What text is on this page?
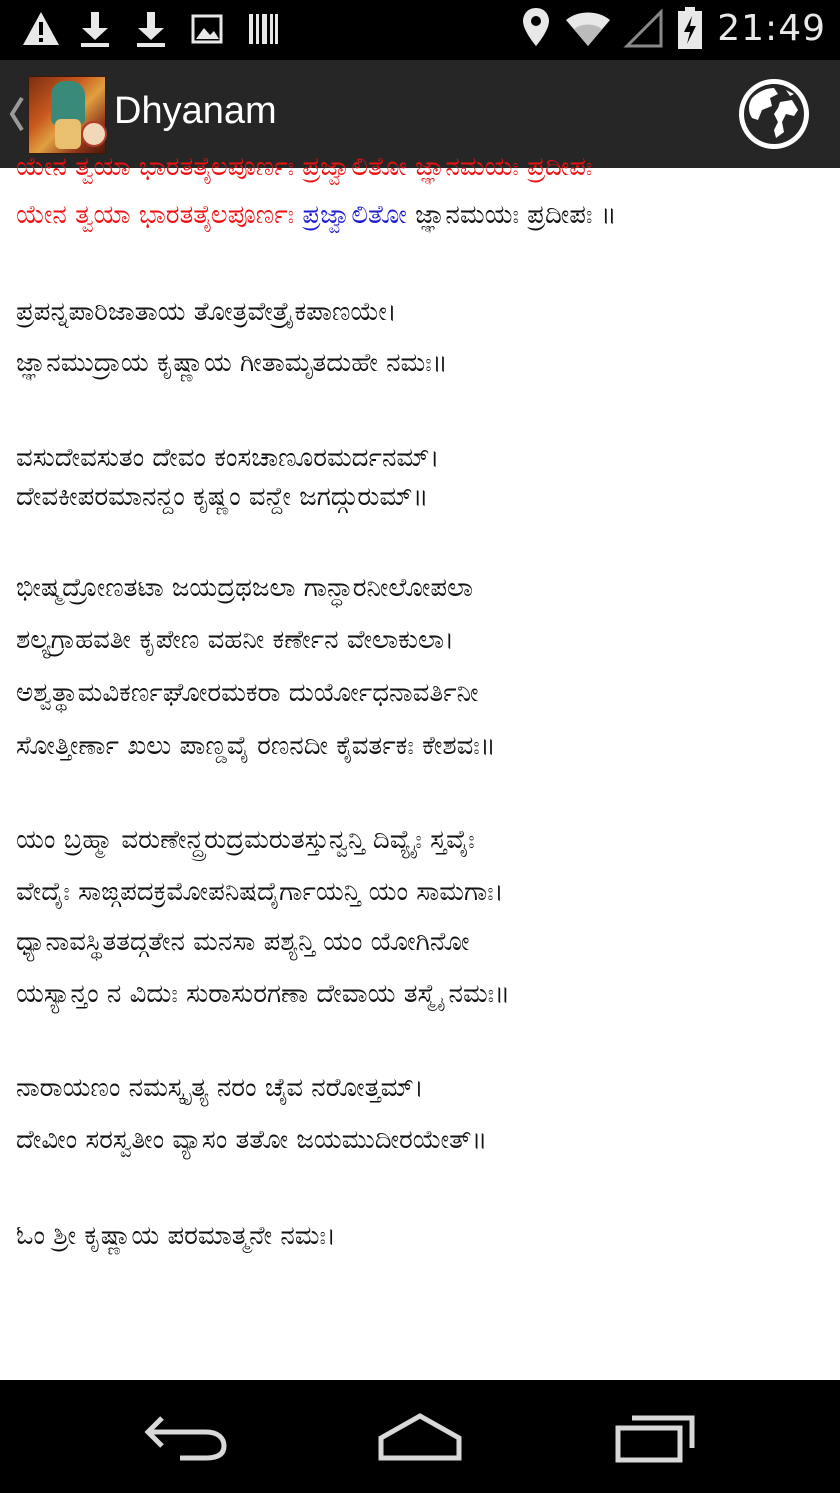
21:49
Dhyanam
ಯೇನ ತ್ವಯಾ ಭಾರತತೈಲಪೂರ್ಣಃ ಪ್ರಜ್ವಾಲಿತೋ ಜ್ಞಾನಮಯಃ ಪ್ರದೀಪಃ
ಯೇನ ತ್ವಯಾ ಭಾರತತೈಲಪೂರ್ಣಃ ಪ್ರಜ್ವಾಲಿತೋ ಜ್ಞಾನಮಯಃ ಪ್ರದೀಪಃ ॥
ಪ್ರಪನ್ನಪಾರಿಜಾತಾಯ ತೋತ್ರವೇತ್ರೈಕಪಾಣಯೇ।
ಜ್ಞಾನಮುದ್ರಾಯ ಕೃಷ್ಣಾಯ ಗೀತಾಮೃತದುಹೇ ನಮಃ॥
ವಸುದೇವಸುತಂ ದೇವಂ ಕಂಸಚಾಣೂರಮರ್ದನಮ್।
ದೇವಕೀಪರಮಾನನ್ದಂ ಕೃಷ್ಣಂ ವನ್ದೇ ಜಗದ್ಗುರುಮ್॥
ಭೀಷ್ಮದ್ರೋಣತಟಾ ಜಯದ್ರಥಜಲಾ ಗಾನ್ಧಾರನೀಲೋಪಲಾ
ಶಲ್ಯಗ್ರಾಹವತೀ ಕೃಪೇಣ ವಹನೀ ಕರ್ಣೇನ ವೇಲಾಕುಲಾ।
ಅಶ್ವತ್ಥಾಮವಿಕರ್ಣಘೋರಮಕರಾ ದುರ್ಯೋಧನಾವರ್ತಿನೀ
ಸೋತ್ತೀರ್ಣಾ ಖಲು ಪಾಣ್ಡವೈ ರಣನದೀ ಕೈವರ್ತಕಃ ಕೇಶವಃ॥
ಯಂ ಬ್ರಹ್ಮಾ ವರುಣೇನ್ದ್ರರುದ್ರಮರುತಸ್ತುನ್ವನ್ತಿ ದಿವ್ಯೈಃ ಸ್ತವೈಃ
ವೇದೈಃ ಸಾಙ್ಗಪದಕ್ರಮೋಪನಿಷದೈರ್ಗಾಯನ್ತಿ ಯಂ ಸಾಮಗಾಃ।
ಧ್ಯಾನಾವಸ್ಥಿತತದ್ಗತೇನ ಮನಸಾ ಪಶ್ಯನ್ತಿ ಯಂ ಯೋಗಿನೋ
ಯಸ್ಯಾನ್ತಂ ನ ವಿದುಃ ಸುರಾಸುರಗಣಾ ದೇವಾಯ ತಸ್ಮೈ ನಮಃ॥
ನಾರಾಯಣಂ ನಮಸ್ಕೃತ್ಯ ನರಂ ಚೈವ ನರೋತ್ತಮ್।
ದೇವೀಂ ಸರಸ್ವತೀಂ ವ್ಯಾಸಂ ತತೋ ಜಯಮುದೀರಯೇತ್॥
ಓಂ ಶ್ರೀ ಕೃಷ್ಣಾಯ ಪರಮಾತ್ಮನೇ ನಮಃ।
